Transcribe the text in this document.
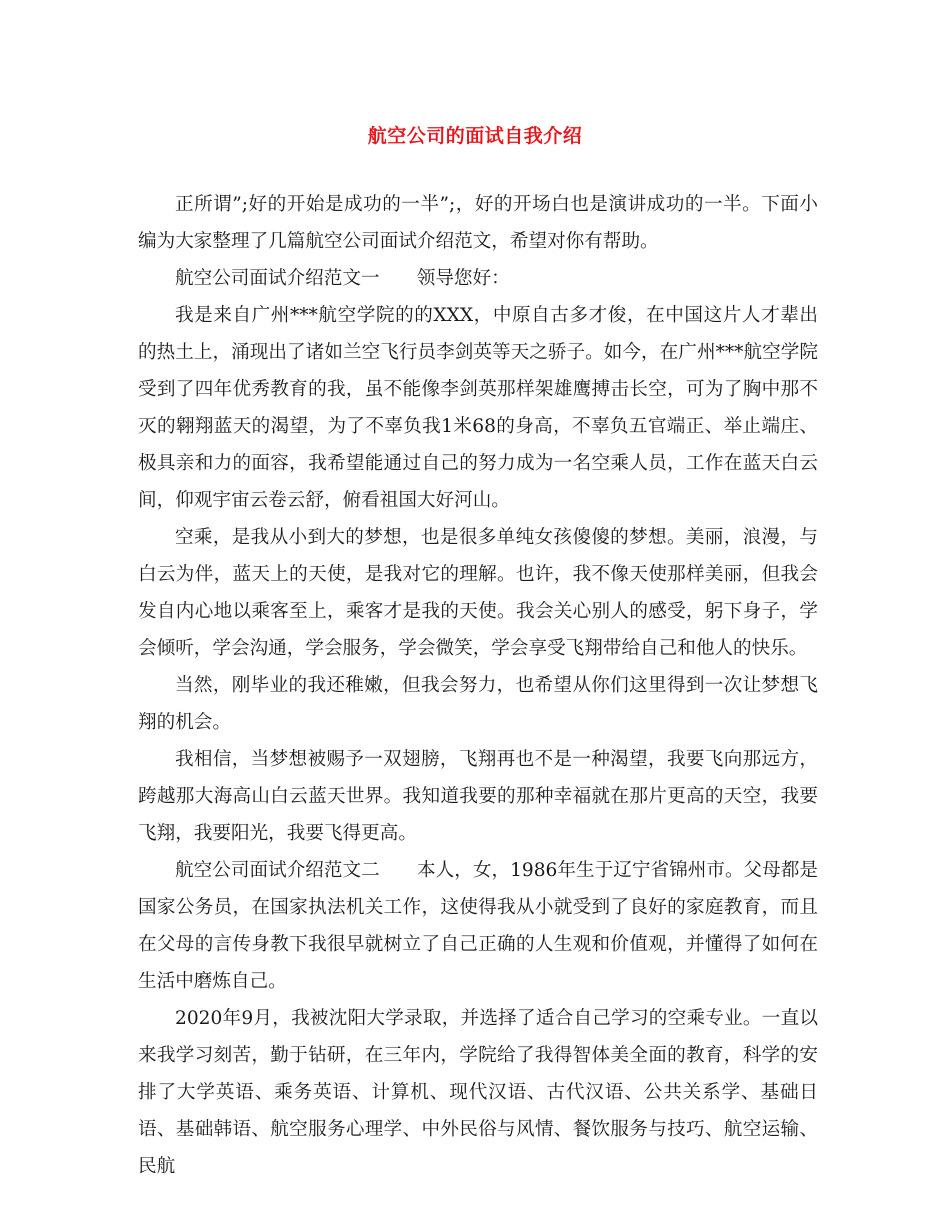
航空公司的面试自我介绍

正所谓”;好的开始是成功的一半”;，好的开场白也是演讲成功的一半。下面小编为大家整理了几篇航空公司面试介绍范文，希望对你有帮助。

航空公司面试介绍范文一　　领导您好：

我是来自广州***航空学院的的XXX，中原自古多才俊，在中国这片人才辈出的热土上，涌现出了诸如兰空飞行员李剑英等天之骄子。如今，在广州***航空学院受到了四年优秀教育的我，虽不能像李剑英那样架雄鹰搏击长空，可为了胸中那不灭的翱翔蓝天的渴望，为了不辜负我1米68的身高，不辜负五官端正、举止端庄、极具亲和力的面容，我希望能通过自己的努力成为一名空乘人员，工作在蓝天白云间，仰观宇宙云卷云舒，俯看祖国大好河山。

空乘，是我从小到大的梦想，也是很多单纯女孩傻傻的梦想。美丽，浪漫，与白云为伴，蓝天上的天使，是我对它的理解。也许，我不像天使那样美丽，但我会发自内心地以乘客至上，乘客才是我的天使。我会关心别人的感受，躬下身子，学会倾听，学会沟通，学会服务，学会微笑，学会享受飞翔带给自己和他人的快乐。

当然，刚毕业的我还稚嫩，但我会努力，也希望从你们这里得到一次让梦想飞翔的机会。

我相信，当梦想被赐予一双翅膀，飞翔再也不是一种渴望，我要飞向那远方，跨越那大海高山白云蓝天世界。我知道我要的那种幸福就在那片更高的天空，我要飞翔，我要阳光，我要飞得更高。

航空公司面试介绍范文二　　本人，女，1986年生于辽宁省锦州市。父母都是国家公务员，在国家执法机关工作，这使得我从小就受到了良好的家庭教育，而且在父母的言传身教下我很早就树立了自己正确的人生观和价值观，并懂得了如何在生活中磨炼自己。

2020年9月，我被沈阳大学录取，并选择了适合自己学习的空乘专业。一直以来我学习刻苦，勤于钻研，在三年内，学院给了我得智体美全面的教育，科学的安排了大学英语、乘务英语、计算机、现代汉语、古代汉语、公共关系学、基础日语、基础韩语、航空服务心理学、中外民俗与风情、餐饮服务与技巧、航空运输、民航
